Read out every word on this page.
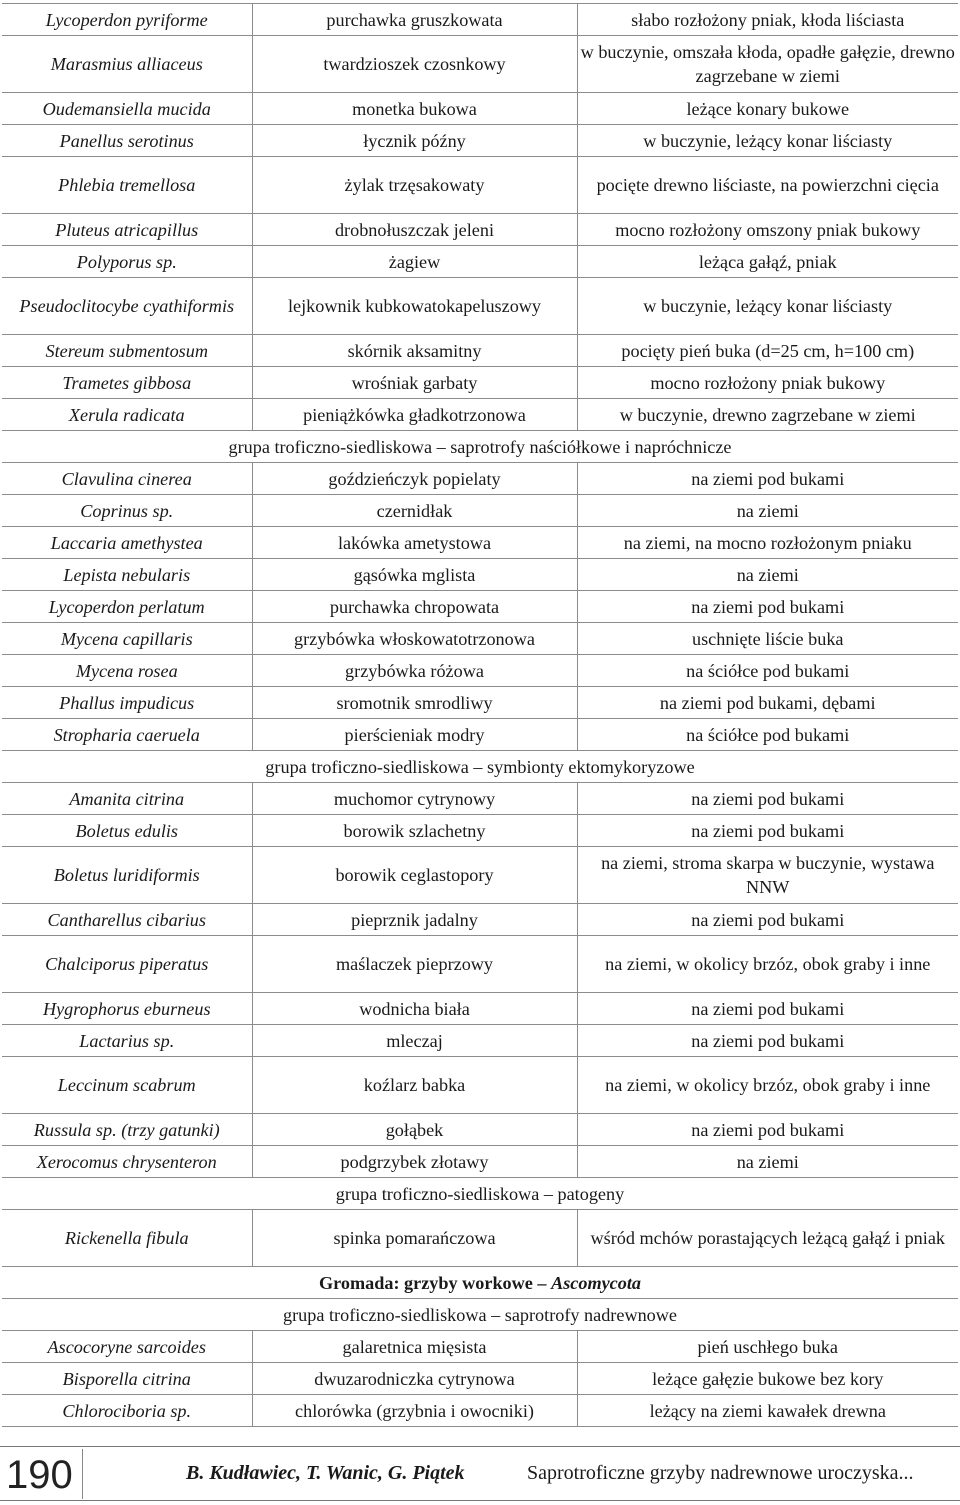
Lycoperdon pyriforme	purchawka gruszkowata	słabo rozłożony pniak, kłoda liściasta
Marasmius alliaceus	twardzioszek czosnkowy	w buczynie, omszała kłoda, opadłe gałęzie, drewno zagrzebane w ziemi
Oudemansiella mucida	monetka bukowa	leżące konary bukowe
Panellus serotinus	łycznik późny	w buczynie, leżący konar liściasty
Phlebia tremellosa	żylak trzęsakowaty	pocięte drewno liściaste, na powierzchni cięcia
Pluteus atricapillus	drobnołuszczak jeleni	mocno rozłożony omszony pniak bukowy
Polyporus sp.	żagiew	leżąca gałąź, pniak
Pseudoclitocybe cyathiformis	lejkownik kubkowatokapeluszowy	w buczynie, leżący konar liściasty
Stereum submentosum	skórnik aksamitny	pocięty pień buka (d=25 cm, h=100 cm)
Trametes gibbosa	wrośniak garbaty	mocno rozłożony pniak bukowy
Xerula radicata	pieniążkówka gładkotrzonowa	w buczynie, drewno zagrzebane w ziemi
grupa troficzno-siedliskowa – saprotrofy naściółkowe i napróchnicze		
Clavulina cinerea	goździeńczyk popielaty	na ziemi pod bukami
Coprinus sp.	czernidłak	na ziemi
Laccaria amethystea	lakówka ametystowa	na ziemi, na mocno rozłożonym pniaku
Lepista nebularis	gąsówka mglista	na ziemi
Lycoperdon perlatum	purchawka chropowata	na ziemi pod bukami
Mycena capillaris	grzybówka włoskowatotrzonowa	uschnięte liście buka
Mycena rosea	grzybówka różowa	na ściółce pod bukami
Phallus impudicus	sromotnik smrodliwy	na ziemi pod bukami, dębami
Stropharia caeruela	pierścieniak modry	na ściółce pod bukami
grupa troficzno-siedliskowa – symbionty ektomykoryzowe		
Amanita citrina	muchomor cytrynowy	na ziemi pod bukami
Boletus edulis	borowik szlachetny	na ziemi pod bukami
Boletus luridiformis	borowik ceglastopory	na ziemi, stroma skarpa w buczynie, wystawa NNW
Cantharellus cibarius	pieprznik jadalny	na ziemi pod bukami
Chalciporus piperatus	maślaczek pieprzowy	na ziemi, w okolicy brzóz, obok graby i inne
Hygrophorus eburneus	wodnicha biała	na ziemi pod bukami
Lactarius sp.	mleczaj	na ziemi pod bukami
Leccinum scabrum	koźlarz babka	na ziemi, w okolicy brzóz, obok graby i inne
Russula sp. (trzy gatunki)	gołąbek	na ziemi pod bukami
Xerocomus chrysenteron	podgrzybek złotawy	na ziemi
grupa troficzno-siedliskowa – patogeny		
Rickenella fibula	spinka pomarańczowa	wśród mchów porastających leżącą gałąź i pniak
Gromada: grzyby workowe – Ascomycota		
grupa troficzno-siedliskowa – saprotrofy nadrewnowe		
Ascocoryne sarcoides	galaretnica mięsista	pień uschłego buka
Bisporella citrina	dwuzarodniczka cytrynowa	leżące gałęzie bukowe bez kory
Chlorociboria sp.	chlorówka (grzybnia i owocniki)	leżący na ziemi kawałek drewna
190	B. Kudławiec, T. Wanic, G. Piątek	Saprotroficzne grzyby nadrewnowe uroczyska...
